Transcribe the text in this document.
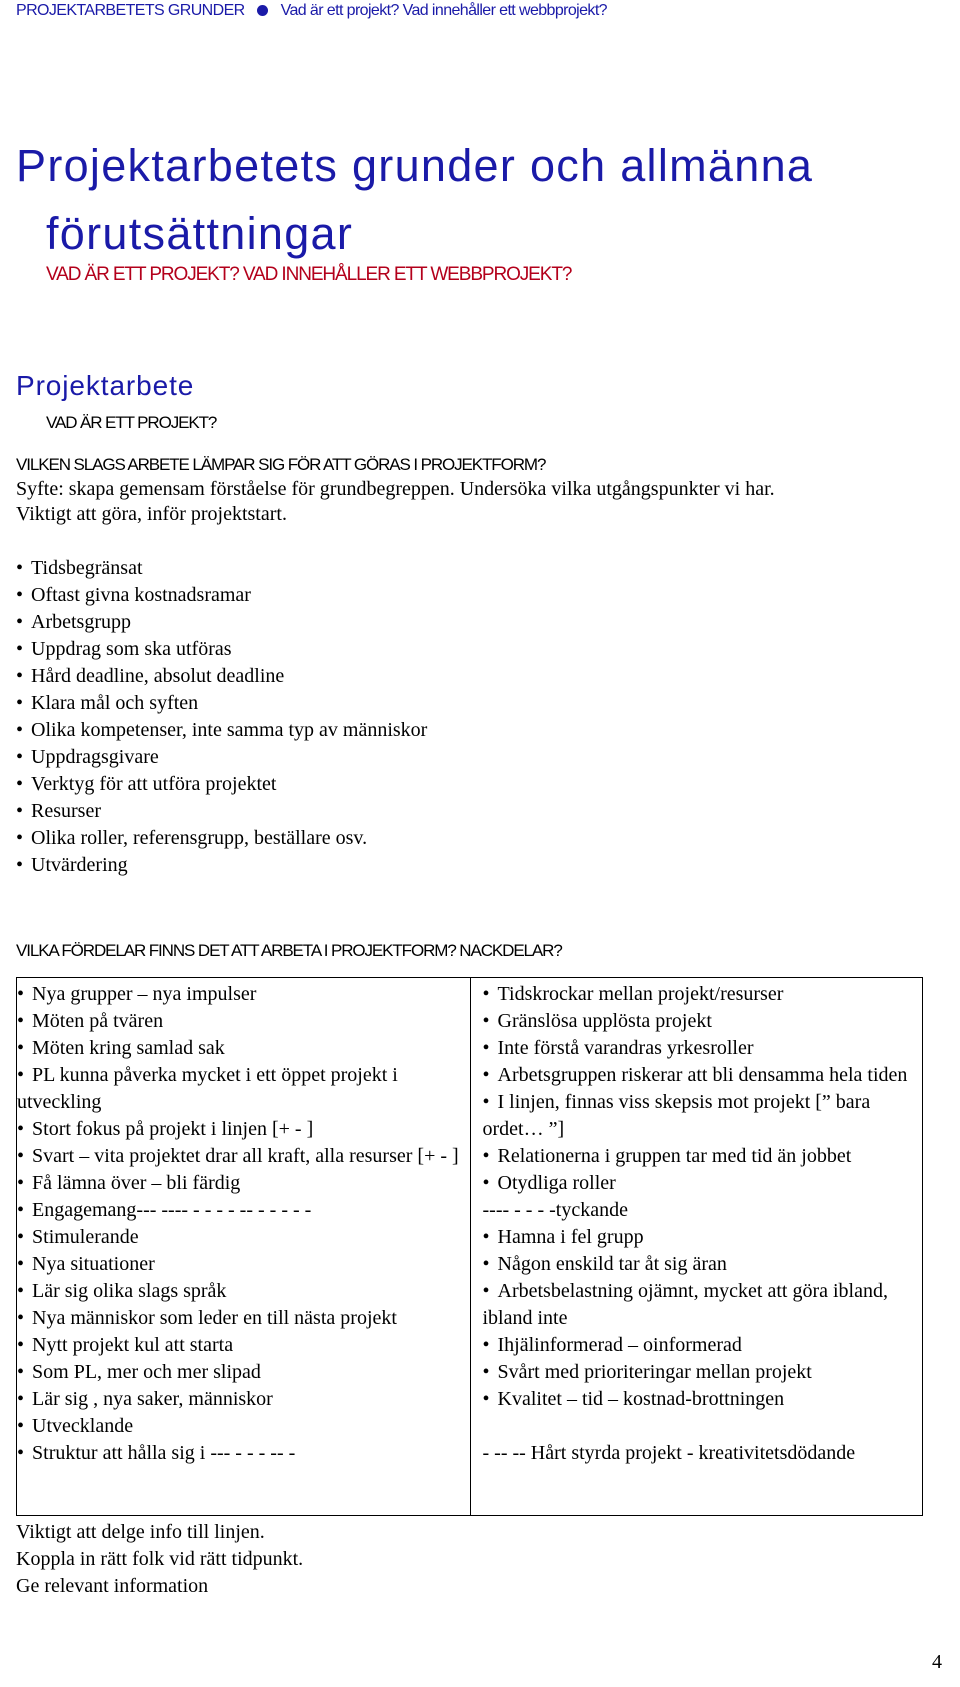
PROJEKTARBETETS GRUNDER Vad är ett projekt? Vad innehåller ett webbprojekt?
Projektarbetets grunder och allmänna
förutsättningar
VAD ÄR ETT PROJEKT? VAD INNEHÅLLER ETT WEBBPROJEKT?
Projektarbete
VAD ÄR ETT PROJEKT?
VILKEN SLAGS ARBETE LÄMPAR SIG FÖR ATT GÖRAS I PROJEKTFORM?
Syfte: skapa gemensam förståelse för grundbegreppen. Undersöka vilka utgångspunkter vi har.
Viktigt att göra, inför projektstart.
• Tidsbegränsat
• Oftast givna kostnadsramar
• Arbetsgrupp
• Uppdrag som ska utföras
• Hård deadline, absolut deadline
• Klara mål och syften
• Olika kompetenser, inte samma typ av människor
• Uppdragsgivare
• Verktyg för att utföra projektet
• Resurser
• Olika roller, referensgrupp, beställare osv.
• Utvärdering
VILKA FÖRDELAR FINNS DET ATT ARBETA I PROJEKTFORM? NACKDELAR?
• Nya grupper – nya impulser
• Möten på tvären
• Möten kring samlad sak
• PL kunna påverka mycket i ett öppet projekt i utveckling
• Stort fokus på projekt i linjen [+ - ]
• Svart – vita projektet drar all kraft, alla resurser [+ - ]
• Få lämna över – bli färdig
• Engagemang--- ---- - - - - -- - - - - -
• Stimulerande
• Nya situationer
• Lär sig olika slags språk
• Nya människor som leder en till nästa projekt
• Nytt projekt kul att starta
• Som PL, mer och mer slipad
• Lär sig , nya saker, människor
• Utvecklande
• Struktur att hålla sig i --- - - - -- -
• Tidskrockar mellan projekt/resurser
• Gränslösa upplösta projekt
• Inte förstå varandras yrkesroller
• Arbetsgruppen riskerar att bli densamma hela tiden
• I linjen, finnas viss skepsis mot projekt [” bara ordet… ”]
• Relationerna i gruppen tar med tid än jobbet
• Otydliga roller
---- - - - -tyckande
• Hamna i fel grupp
• Någon enskild tar åt sig äran
• Arbetsbelastning ojämnt, mycket att göra ibland, ibland inte
• Ihjälinformerad – oinformerad
• Svårt med prioriteringar mellan projekt
• Kvalitet – tid – kostnad-brottningen
- -- -- Hårt styrda projekt - kreativitetsdödande
Viktigt att delge info till linjen.
Koppla in rätt folk vid rätt tidpunkt.
Ge relevant information
4
